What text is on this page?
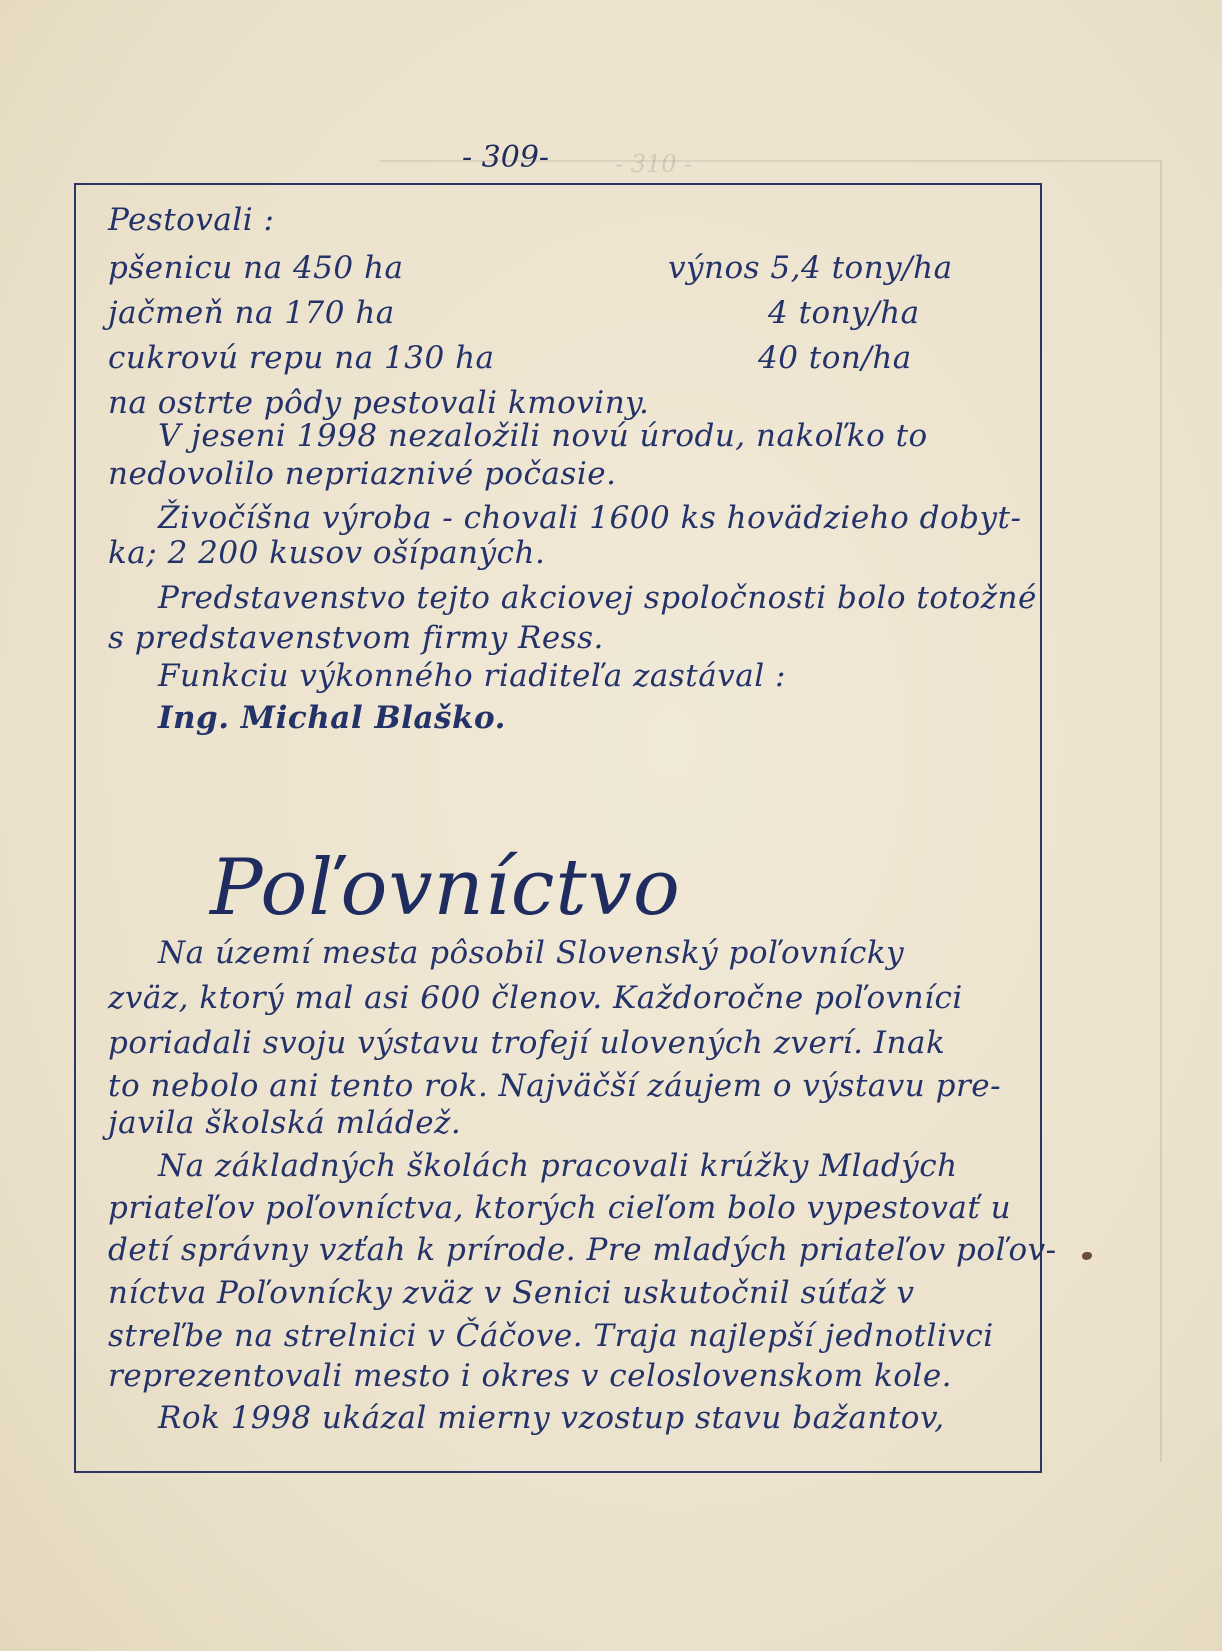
- 310 -
- 309-
Pestovali :
pšenicu na 450 ha	výnos 5,4 tony/ha
jačmeň na 170 ha	4 tony/ha
cukrovú repu na 130 ha	40 ton/ha
na ostrte pôdy pestovali kmoviny.
V jeseni 1998 nezaložili novú úrodu, nakoľko to
nedovolilo nepriaznivé počasie.
Živočíšna výroba - chovali 1600 ks hovädzieho dobyt-
ka; 2 200 kusov ošípaných.
Predstavenstvo tejto akciovej spoločnosti bolo totožné
s predstavenstvom firmy Ress.
Funkciu výkonného riaditeľa zastával :
Ing. Michal Blaško.
Poľovníctvo
Na území mesta pôsobil Slovenský poľovnícky
zväz, ktorý mal asi 600 členov. Každoročne poľovníci
poriadali svoju výstavu trofejí ulovených zverí. Inak
to nebolo ani tento rok. Najväčší záujem o výstavu pre-
javila školská mládež.
Na základných školách pracovali krúžky Mladých
priateľov poľovníctva, ktorých cieľom bolo vypestovať u
detí správny vzťah k prírode. Pre mladých priateľov poľov-
níctva Poľovnícky zväz v Senici uskutočnil súťaž v
streľbe na strelnici v Čáčove. Traja najlepší jednotlivci
reprezentovali mesto i okres v celoslovenskom kole.
Rok 1998 ukázal mierny vzostup stavu bažantov,
